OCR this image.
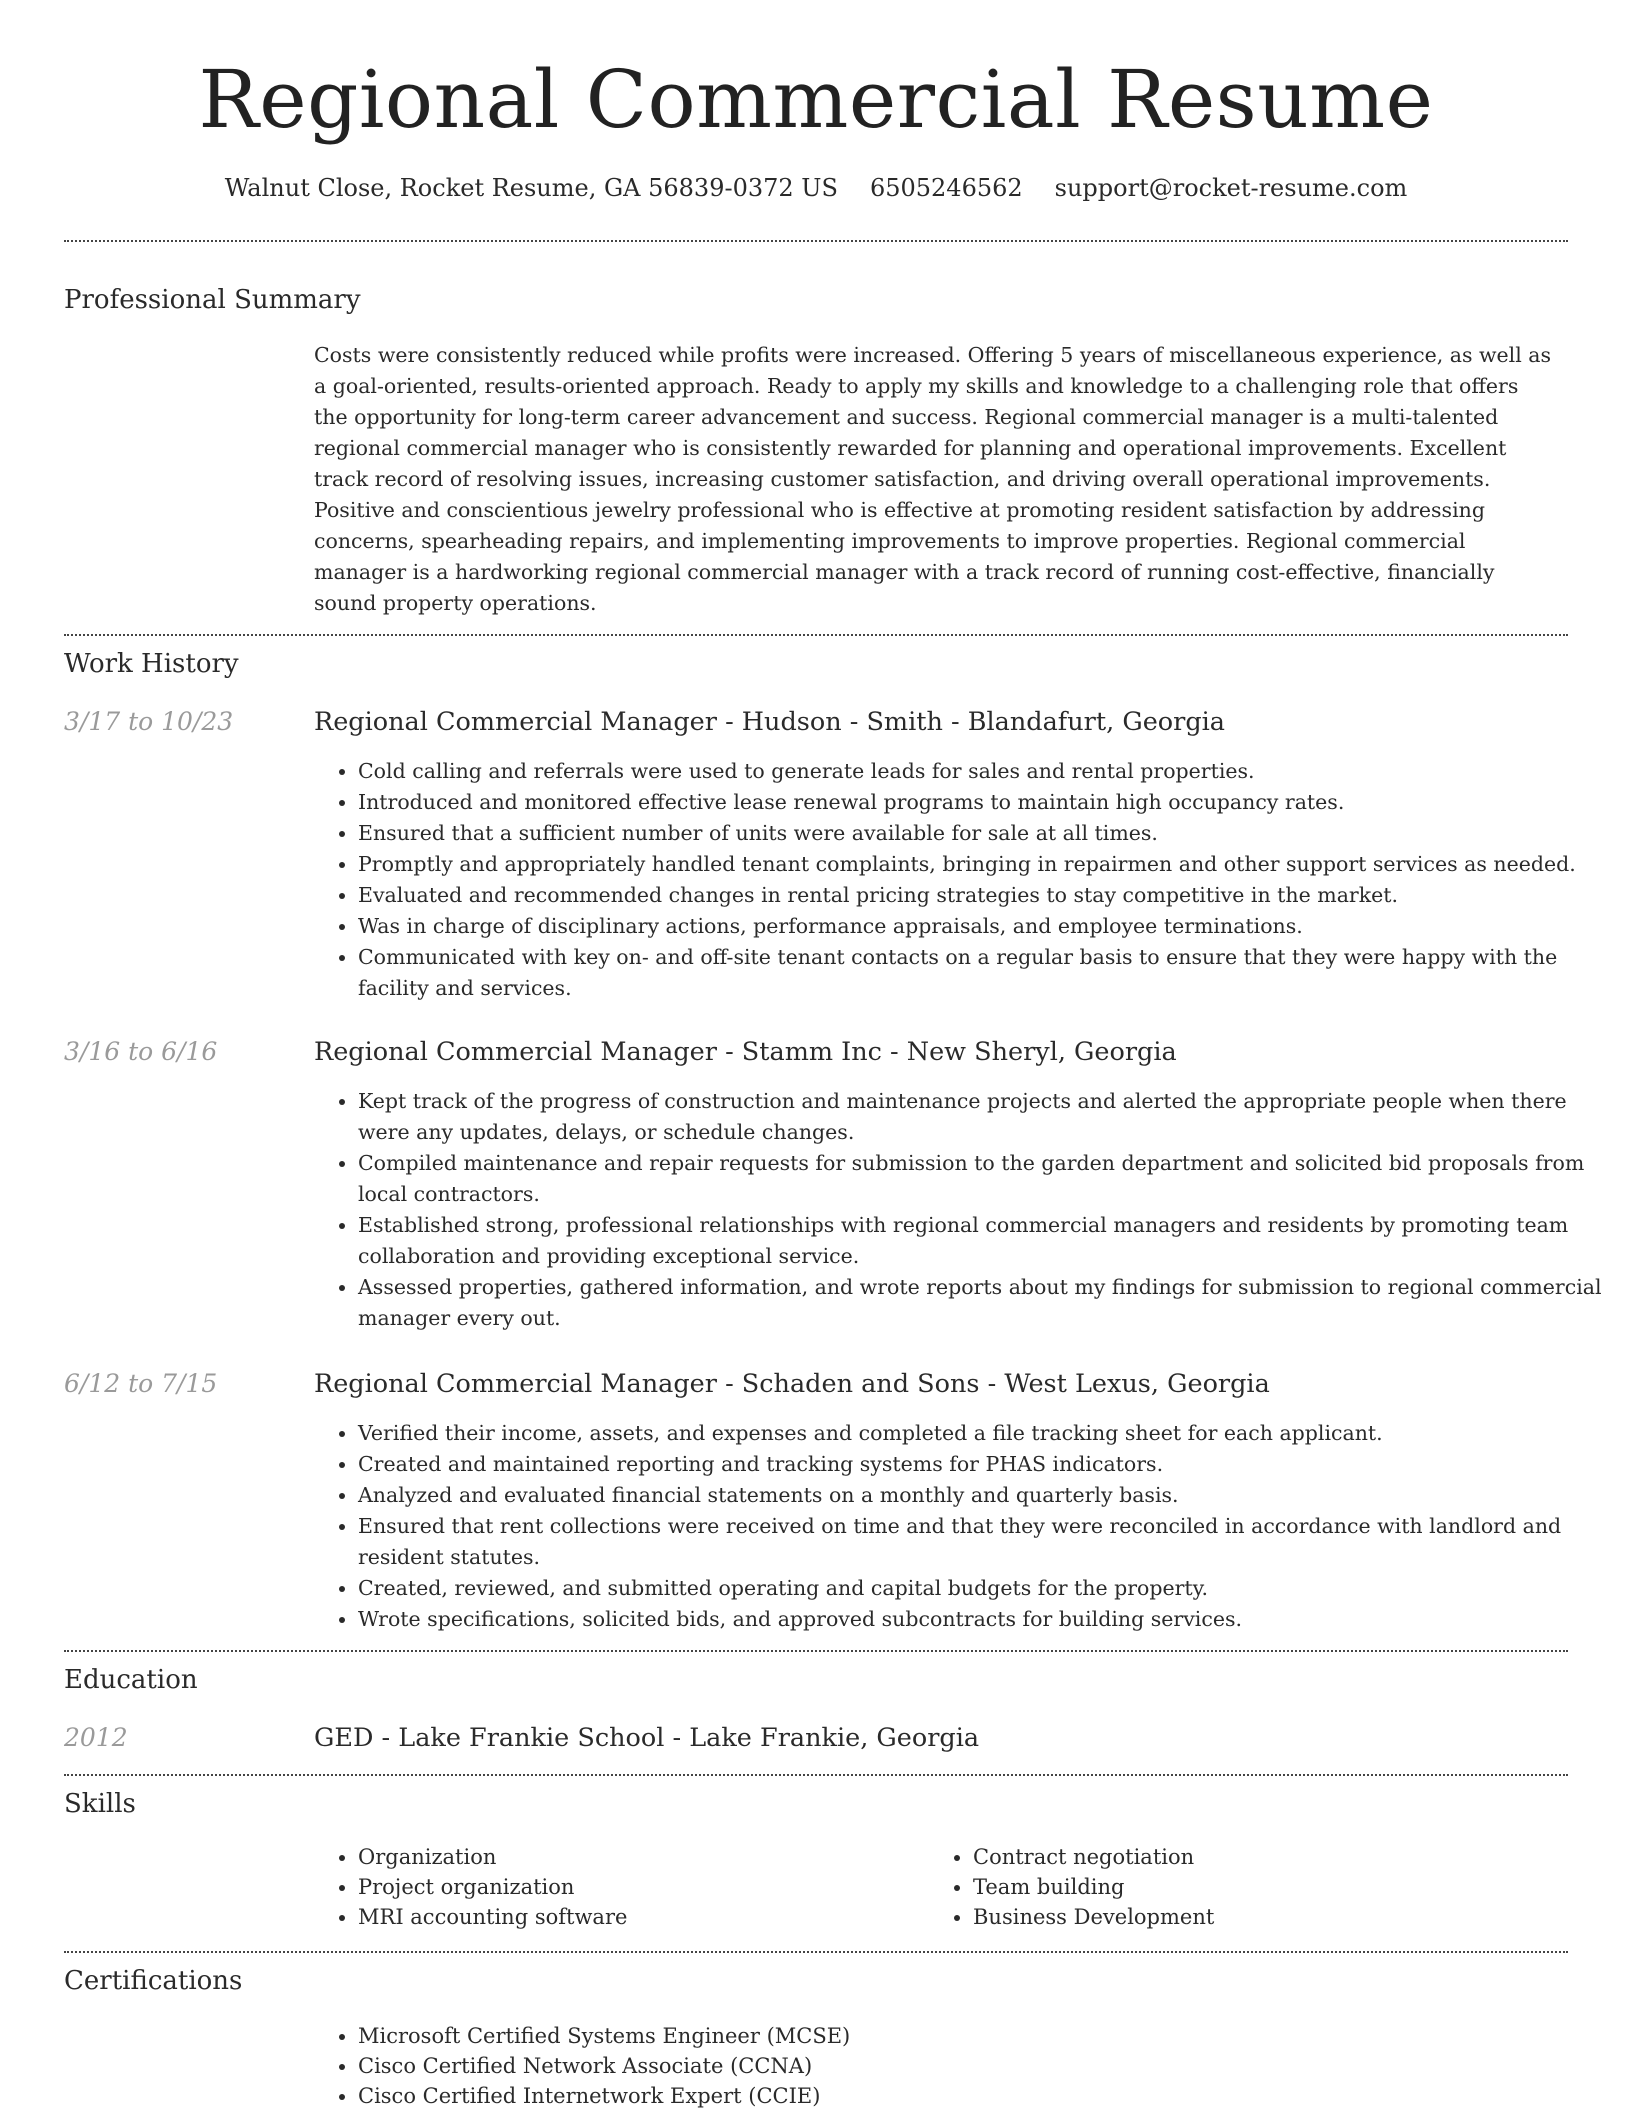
Regional Commercial Resume
Walnut Close, Rocket Resume, GA 56839-0372 US 6505246562 support@rocket-resume.com
Professional Summary

Costs were consistently reduced while profits were increased. Offering 5 years of miscellaneous experience, as well as a goal-oriented, results-oriented approach. Ready to apply my skills and knowledge to a challenging role that offers the opportunity for long-term career advancement and success. Regional commercial manager is a multi-talented regional commercial manager who is consistently rewarded for planning and operational improvements. Excellent track record of resolving issues, increasing customer satisfaction, and driving overall operational improvements. Positive and conscientious jewelry professional who is effective at promoting resident satisfaction by addressing concerns, spearheading repairs, and implementing improvements to improve properties. Regional commercial manager is a hardworking regional commercial manager with a track record of running cost-effective, financially sound property operations.

Work History
3/17 to 10/23	Regional Commercial Manager - Hudson - Smith - Blandafurt, Georgia
• Cold calling and referrals were used to generate leads for sales and rental properties.
• Introduced and monitored effective lease renewal programs to maintain high occupancy rates.
• Ensured that a sufficient number of units were available for sale at all times.
• Promptly and appropriately handled tenant complaints, bringing in repairmen and other support services as needed.
• Evaluated and recommended changes in rental pricing strategies to stay competitive in the market.
• Was in charge of disciplinary actions, performance appraisals, and employee terminations.
• Communicated with key on- and off-site tenant contacts on a regular basis to ensure that they were happy with the facility and services.
3/16 to 6/16	Regional Commercial Manager - Stamm Inc - New Sheryl, Georgia
• Kept track of the progress of construction and maintenance projects and alerted the appropriate people when there were any updates, delays, or schedule changes.
• Compiled maintenance and repair requests for submission to the garden department and solicited bid proposals from local contractors.
• Established strong, professional relationships with regional commercial managers and residents by promoting team collaboration and providing exceptional service.
• Assessed properties, gathered information, and wrote reports about my findings for submission to regional commercial manager every out.
6/12 to 7/15	Regional Commercial Manager - Schaden and Sons - West Lexus, Georgia
• Verified their income, assets, and expenses and completed a file tracking sheet for each applicant.
• Created and maintained reporting and tracking systems for PHAS indicators.
• Analyzed and evaluated financial statements on a monthly and quarterly basis.
• Ensured that rent collections were received on time and that they were reconciled in accordance with landlord and resident statutes.
• Created, reviewed, and submitted operating and capital budgets for the property.
• Wrote specifications, solicited bids, and approved subcontracts for building services.
Education
2012	GED - Lake Frankie School - Lake Frankie, Georgia
Skills
• Organization
• Project organization
• MRI accounting software
• Contract negotiation
• Team building
• Business Development
Certifications
• Microsoft Certified Systems Engineer (MCSE)
• Cisco Certified Network Associate (CCNA)
• Cisco Certified Internetwork Expert (CCIE)
